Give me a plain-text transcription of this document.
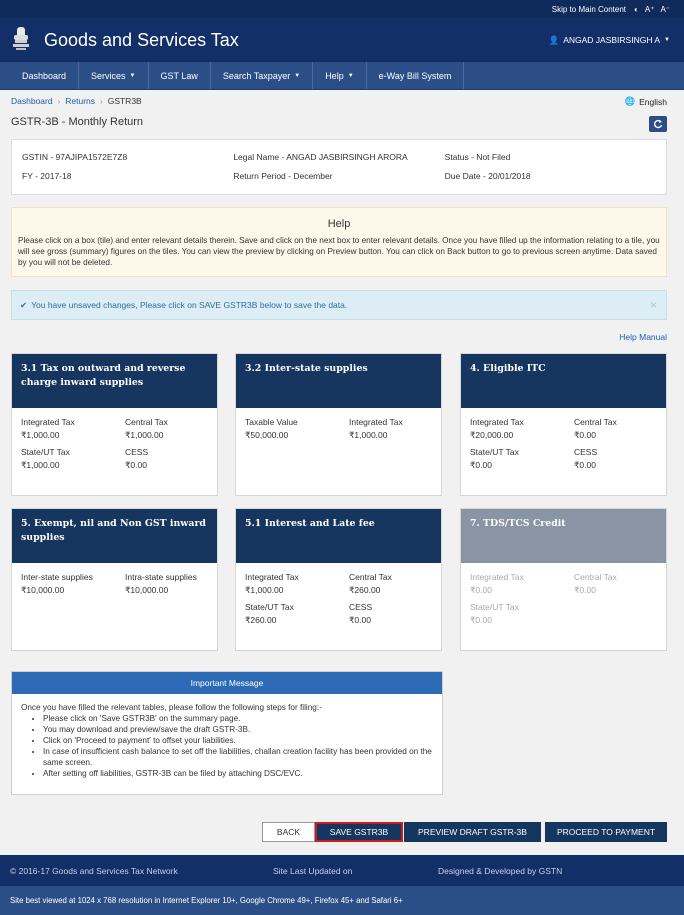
Skip to Main Content ◐ A⁺ A⁻
Goods and Services Tax	👤 ANGAD JASBIRSINGH A ▼
Dashboard	Services ▼	GST Law	Search Taxpayer ▼	Help ▼	e-Way Bill System
Dashboard › Returns › GSTR3B	🌐 English
GSTR-3B - Monthly Return
GSTIN - 97AJIPA1572E7Z8	Legal Name - ANGAD JASBIRSINGH ARORA	Status - Not Filed
FY - 2017-18	Return Period - December	Due Date - 20/01/2018
Help
Please click on a box (tile) and enter relevant details therein. Save and click on the next box to enter relevant details. Once you have filled up the information relating to a tile, you will see gross (summary) figures on the tiles. You can view the preview by clicking on Preview button. You can click on Back button to go to previous screen anytime. Data saved by you will not be deleted.
✔ You have unsaved changes, Please click on SAVE GSTR3B below to save the data.	×
Help Manual
3.1 Tax on outward and reverse charge inward supplies
Integrated Tax	Central Tax
₹1,000.00	₹1,000.00
State/UT Tax	CESS
₹1,000.00	₹0.00
3.2 Inter-state supplies
Taxable Value	Integrated Tax
₹50,000.00	₹1,000.00
4. Eligible ITC
Integrated Tax	Central Tax
₹20,000.00	₹0.00
State/UT Tax	CESS
₹0.00	₹0.00
5. Exempt, nil and Non GST inward supplies
Inter-state supplies	Intra-state supplies
₹10,000.00	₹10,000.00
5.1 Interest and Late fee
Integrated Tax	Central Tax
₹1,000.00	₹260.00
State/UT Tax	CESS
₹260.00	₹0.00
7. TDS/TCS Credit
Integrated Tax	Central Tax
₹0.00	₹0.00
State/UT Tax
₹0.00
Important Message
Once you have filled the relevant tables, please follow the following steps for filing:-
• Please click on 'Save GSTR3B' on the summary page.
• You may download and preview/save the draft GSTR-3B.
• Click on 'Proceed to payment' to offset your liabilities.
• In case of insufficient cash balance to set off the liabilities, challan creation facility has been provided on the same screen.
• After setting off liabilities, GSTR-3B can be filed by attaching DSC/EVC.
BACK	SAVE GSTR3B	PREVIEW DRAFT GSTR-3B	PROCEED TO PAYMENT
© 2016-17 Goods and Services Tax Network	Site Last Updated on	Designed & Developed by GSTN
Site best viewed at 1024 x 768 resolution in Internet Explorer 10+, Google Chrome 49+, Firefox 45+ and Safari 6+
